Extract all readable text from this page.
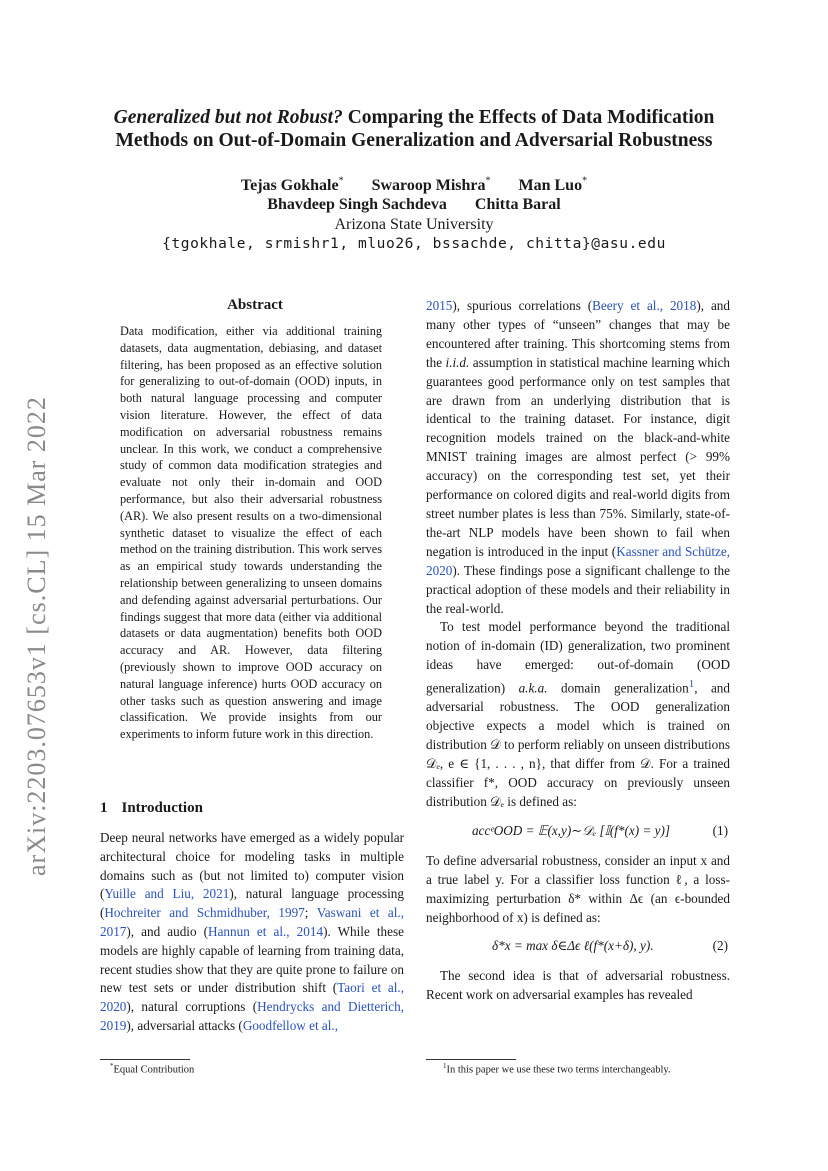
arXiv:2203.07653v1 [cs.CL] 15 Mar 2022
Generalized but not Robust? Comparing the Effects of Data Modification
Methods on Out-of-Domain Generalization and Adversarial Robustness
Tejas Gokhale* Swaroop Mishra* Man Luo*
Bhavdeep Singh Sachdeva Chitta Baral
Arizona State University
{tgokhale, srmishr1, mluo26, bssachde, chitta}@asu.edu
Abstract
Data modification, either via additional training datasets, data augmentation, debiasing, and dataset filtering, has been proposed as an effective solution for generalizing to out-of-domain (OOD) inputs, in both natural language processing and computer vision literature. However, the effect of data modification on adversarial robustness remains unclear. In this work, we conduct a comprehensive study of common data modification strategies and evaluate not only their in-domain and OOD performance, but also their adversarial robustness (AR). We also present results on a two-dimensional synthetic dataset to visualize the effect of each method on the training distribution. This work serves as an empirical study towards understanding the relationship between generalizing to unseen domains and defending against adversarial perturbations. Our findings suggest that more data (either via additional datasets or data augmentation) benefits both OOD accuracy and AR. However, data filtering (previously shown to improve OOD accuracy on natural language inference) hurts OOD accuracy on other tasks such as question answering and image classification. We provide insights from our experiments to inform future work in this direction.
1 Introduction

Deep neural networks have emerged as a widely popular architectural choice for modeling tasks in multiple domains such as (but not limited to) computer vision (Yuille and Liu, 2021), natural language processing (Hochreiter and Schmidhuber, 1997; Vaswani et al., 2017), and audio (Hannun et al., 2014). While these models are highly capable of learning from training data, recent studies show that they are quite prone to failure on new test sets or under distribution shift (Taori et al., 2020), natural corruptions (Hendrycks and Dietterich, 2019), adversarial attacks (Goodfellow et al.,

2015), spurious correlations (Beery et al., 2018), and many other types of “unseen” changes that may be encountered after training. This shortcoming stems from the i.i.d. assumption in statistical machine learning which guarantees good performance only on test samples that are drawn from an underlying distribution that is identical to the training dataset. For instance, digit recognition models trained on the black-and-white MNIST training images are almost perfect (> 99% accuracy) on the corresponding test set, yet their performance on colored digits and real-world digits from street number plates is less than 75%. Similarly, state-of-the-art NLP models have been shown to fail when negation is introduced in the input (Kassner and Schütze, 2020). These findings pose a significant challenge to the practical adoption of these models and their reliability in the real-world.

To test model performance beyond the traditional notion of in-domain (ID) generalization, two prominent ideas have emerged: out-of-domain (OOD generalization) a.k.a. domain generalization$^1$, and adversarial robustness. The OOD generalization objective expects a model which is trained on distribution 𝒟 to perform reliably on unseen distributions 𝒟ₑ, e ∈ {1, . . . , n}, that differ from 𝒟. For a trained classifier f*, OOD accuracy on previously unseen distribution 𝒟ₑ is defined as:

accᵉOOD = 𝔼(x,y)∼𝒟ₑ [𝕀(f*(x) = y)]	(1)

To define adversarial robustness, consider an input x and a true label y. For a classifier loss function ℓ, a loss-maximizing perturbation δ* within Δϵ (an ϵ-bounded neighborhood of x) is defined as:

δ*x = max δ∈Δϵ ℓ(f*(x+δ), y).	(2)

The second idea is that of adversarial robustness. Recent work on adversarial examples has revealed

*Equal Contribution	$^1$In this paper we use these two terms interchangeably.
